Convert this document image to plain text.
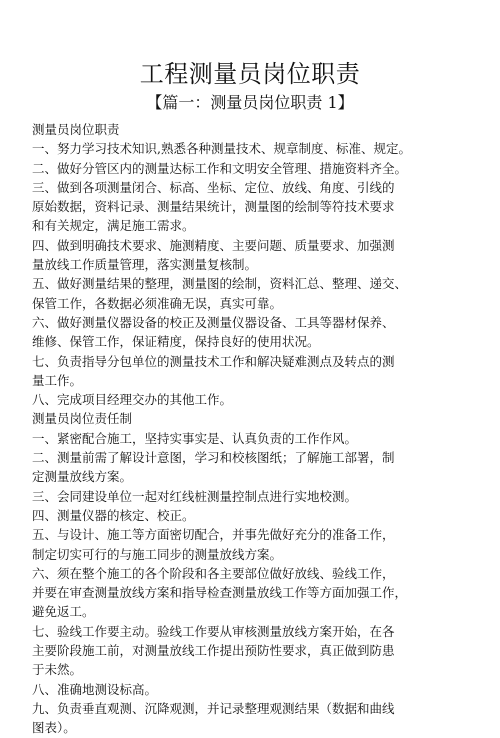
工程测量员岗位职责
【篇一：测量员岗位职责 1】
测量员岗位职责
一、努力学习技术知识,熟悉各种测量技术、规章制度、标准、规定。
二、做好分管区内的测量达标工作和文明安全管理、措施资料齐全。
三、做到各项测量闭合、标高、坐标、定位、放线、角度、引线的
原始数据，资料记录、测量结果统计，测量图的绘制等符技术要求
和有关规定，满足施工需求。
四、做到明确技术要求、施测精度、主要问题、质量要求、加强测
量放线工作质量管理，落实测量复核制。
五、做好测量结果的整理，测量图的绘制，资料汇总、整理、递交、
保管工作，各数据必须准确无误，真实可靠。
六、做好测量仪器设备的校正及测量仪器设备、工具等器材保养、
维修、保管工作，保证精度，保持良好的使用状况。
七、负责指导分包单位的测量技术工作和解决疑难测点及转点的测
量工作。
八、完成项目经理交办的其他工作。
测量员岗位责任制
一、紧密配合施工，坚持实事实是、认真负责的工作作风。
二、测量前需了解设计意图，学习和校核图纸；了解施工部署，制
定测量放线方案。
三、会同建设单位一起对红线桩测量控制点进行实地校测。
四、测量仪器的核定、校正。
五、与设计、施工等方面密切配合，并事先做好充分的准备工作，
制定切实可行的与施工同步的测量放线方案。
六、须在整个施工的各个阶段和各主要部位做好放线、验线工作，
并要在审查测量放线方案和指导检查测量放线工作等方面加强工作，
避免返工。
七、验线工作要主动。验线工作要从审核测量放线方案开始，在各
主要阶段施工前，对测量放线工作提出预防性要求，真正做到防患
于未然。
八、准确地测设标高。
九、负责垂直观测、沉降观测，并记录整理观测结果（数据和曲线
图表）。
